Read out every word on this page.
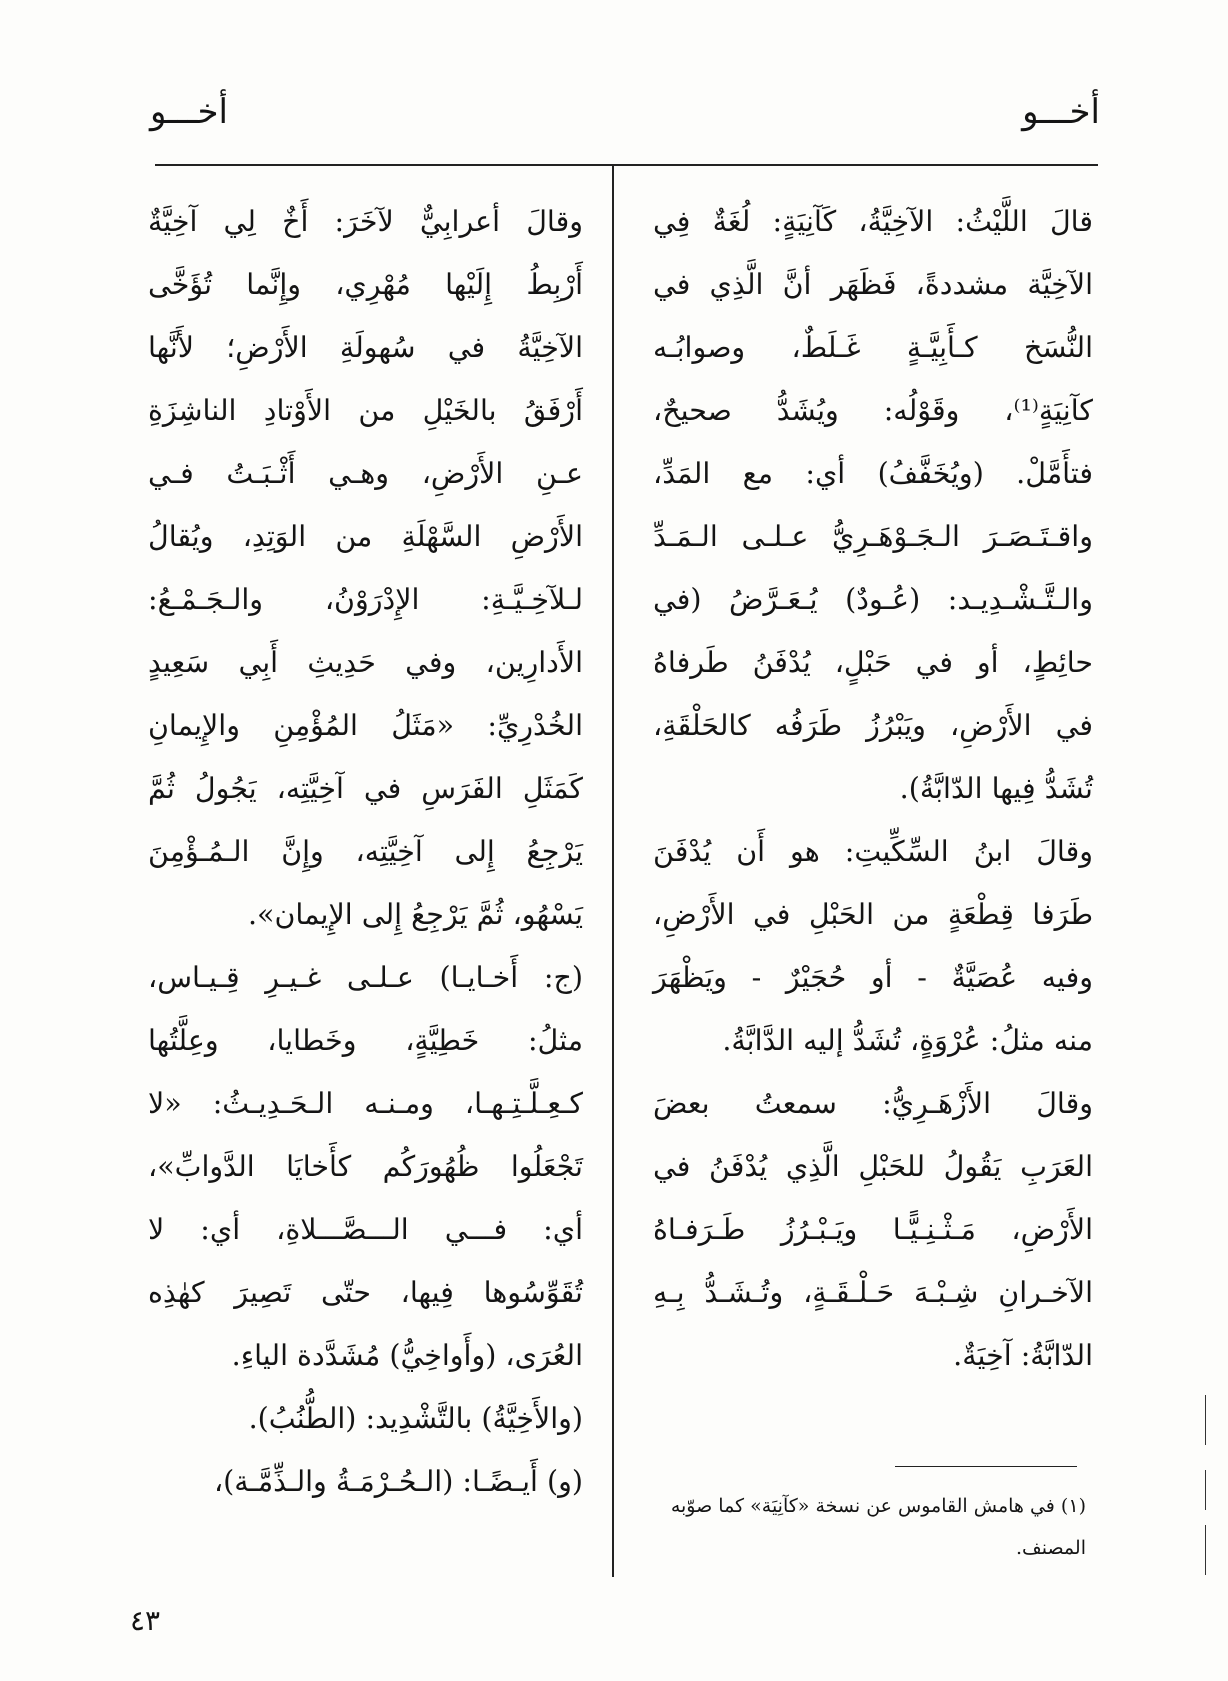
أخـــو
أخـــو
قالَ اللَّيْثُ: الآخِيَّةُ، كَآنِيَةٍ: لُغَةٌ فِي
الآخِيَّة مشددةً، فَظَهَر أنَّ الَّذِي في
النُّسَخ كـأَبِيَّـةٍ غَـلَطٌ، وصوابُـه
كآنِيَةٍ⁽¹⁾، وقَوْلُه: ويُشَدُّ صحيحٌ،
فتأَمَّلْ. (ويُخَفَّفُ) أي: مع المَدِّ،
واقـتَـصَـرَ الـجَـوْهَـرِيُّ عـلـى الـمَـدِّ
والـتَّـشْـدِيـد: (عُـودٌ) يُـعَـرَّضُ (في
حائِطٍ، أو في حَبْلٍ، يُدْفَنُ طَرفاهُ
في الأَرْضِ، ويَبْرُزُ طَرَفُه كالحَلْقَةِ،
تُشَدُّ فِيها الدّابَّةُ).
وقالَ ابنُ السِّكِّيتِ: هو أَن يُدْفَنَ
طَرَفا قِطْعَةٍ من الحَبْلِ في الأَرْضِ،
وفيه عُصَيَّةٌ - أو حُجَيْرٌ - ويَظْهَرَ
منه مثلُ: عُرْوَةٍ، تُشَدُّ إليه الدَّابَّةُ.
وقالَ الأَزْهَـرِيُّ: سمعتُ بعضَ
العَرَبِ يَقُولُ للحَبْلِ الَّذِي يُدْفَنُ في
الأَرْضِ، مَـثْـنِـيًّـا ويَـبْـرُزُ طَـرَفـاهُ
الآخـرانِ شِـبْـهَ حَـلْـقَـةٍ، وتُـشَـدُّ بِـهِ
الدّابَّةُ: آخِيَةٌ.
وقالَ أعرابِيٌّ لآخَرَ: أَخٌ لِي آخِيَّةٌ
أَرْبِطُ إِلَيْها مُهْرِي، وإِنَّما تُؤَخَّى
الآخِيَّةُ في سُهولَةِ الأَرْضِ؛ لأَنَّها
أَرْفَقُ بالخَيْلِ من الأَوْتادِ الناشِزَةِ
عـنِ الأَرْضِ، وهـي أَثْـبَـتُ فـي
الأَرْضِ السَّهْلَةِ من الوَتِدِ، ويُقالُ
لـلآخِـيَّـةِ: الإِدْرَوْنُ، والـجَـمْـعُ:
الأَدارِين، وفي حَدِيثِ أَبِي سَعِيدٍ
الخُدْرِيِّ: «مَثَلُ المُؤْمِنِ والإِيمانِ
كَمَثَلِ الفَرَسِ في آخِيَّتِه، يَجُولُ ثُمَّ
يَرْجِعُ إِلى آخِيَّتِه، وإِنَّ الـمُـؤْمِنَ
يَسْهُو، ثُمَّ يَرْجِعُ إِلى الإِيمان».
(ج: أَخـايـا) عـلـى غـيـرِ قِـيـاس،
مثلُ: خَطِيَّةٍ، وخَطايا، وعِلَّتُها
كـعِـلَّـتِـهـا، ومـنـه الـحَـدِيـثُ: «لا
تَجْعَلُوا ظُهُورَكُم كأَخايَا الدَّوابِّ»،
أي: فـــي الـــصَّـــلاةِ، أي: لا
تُقَوِّسُوها فِيها، حتّى تَصِيرَ كهٰذِه
العُرَى، (وأَواخِيُّ) مُشَدَّدة الياءِ.
(والأَخِيَّةُ) بالتَّشْدِيد: (الطُّنُبُ).
(و) أَيـضًـا: (الـحُـرْمَـةُ والـذِّمَّـة)،
(١) في هامش القاموس عن نسخة «كآنِيَة» كما صوّبه
المصنف.
٤٣
